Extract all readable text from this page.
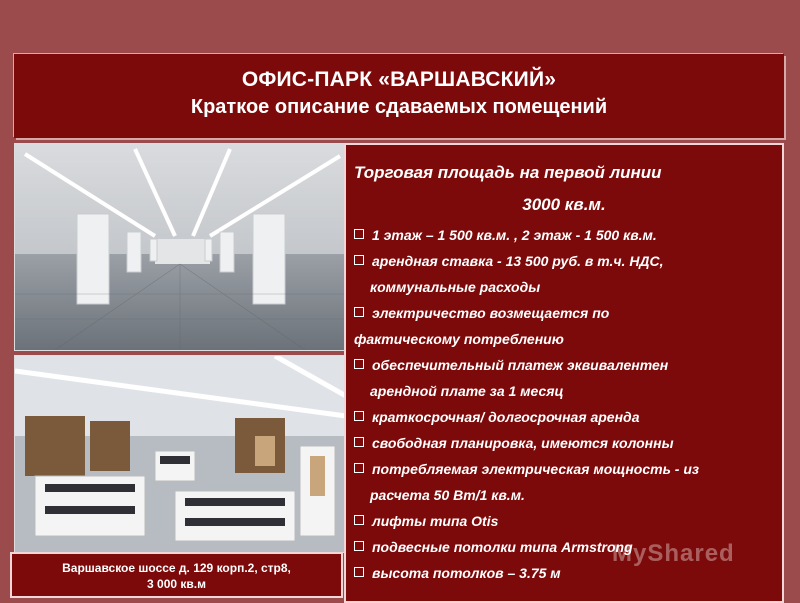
ОФИС-ПАРК «ВАРШАВСКИЙ»
Краткое описание сдаваемых помещений
Торговая площадь на первой линии
3000 кв.м.
1 этаж – 1 500 кв.м. , 2 этаж - 1 500 кв.м.
арендная ставка - 13 500 руб. в т.ч. НДС,
коммунальные расходы
электричество возмещается по
фактическому потреблению
обеспечительный платеж эквивалентен
арендной плате за 1 месяц
краткосрочная/ долгосрочная аренда
свободная планировка, имеются колонны
потребляемая электрическая мощность - из
расчета 50 Вт/1 кв.м.
лифты типа Otis
подвесные потолки типа Armstrong
высота потолков – 3.75 м
Варшавское шоссе д. 129 корп.2, стр8,
3 000 кв.м
MyShared
